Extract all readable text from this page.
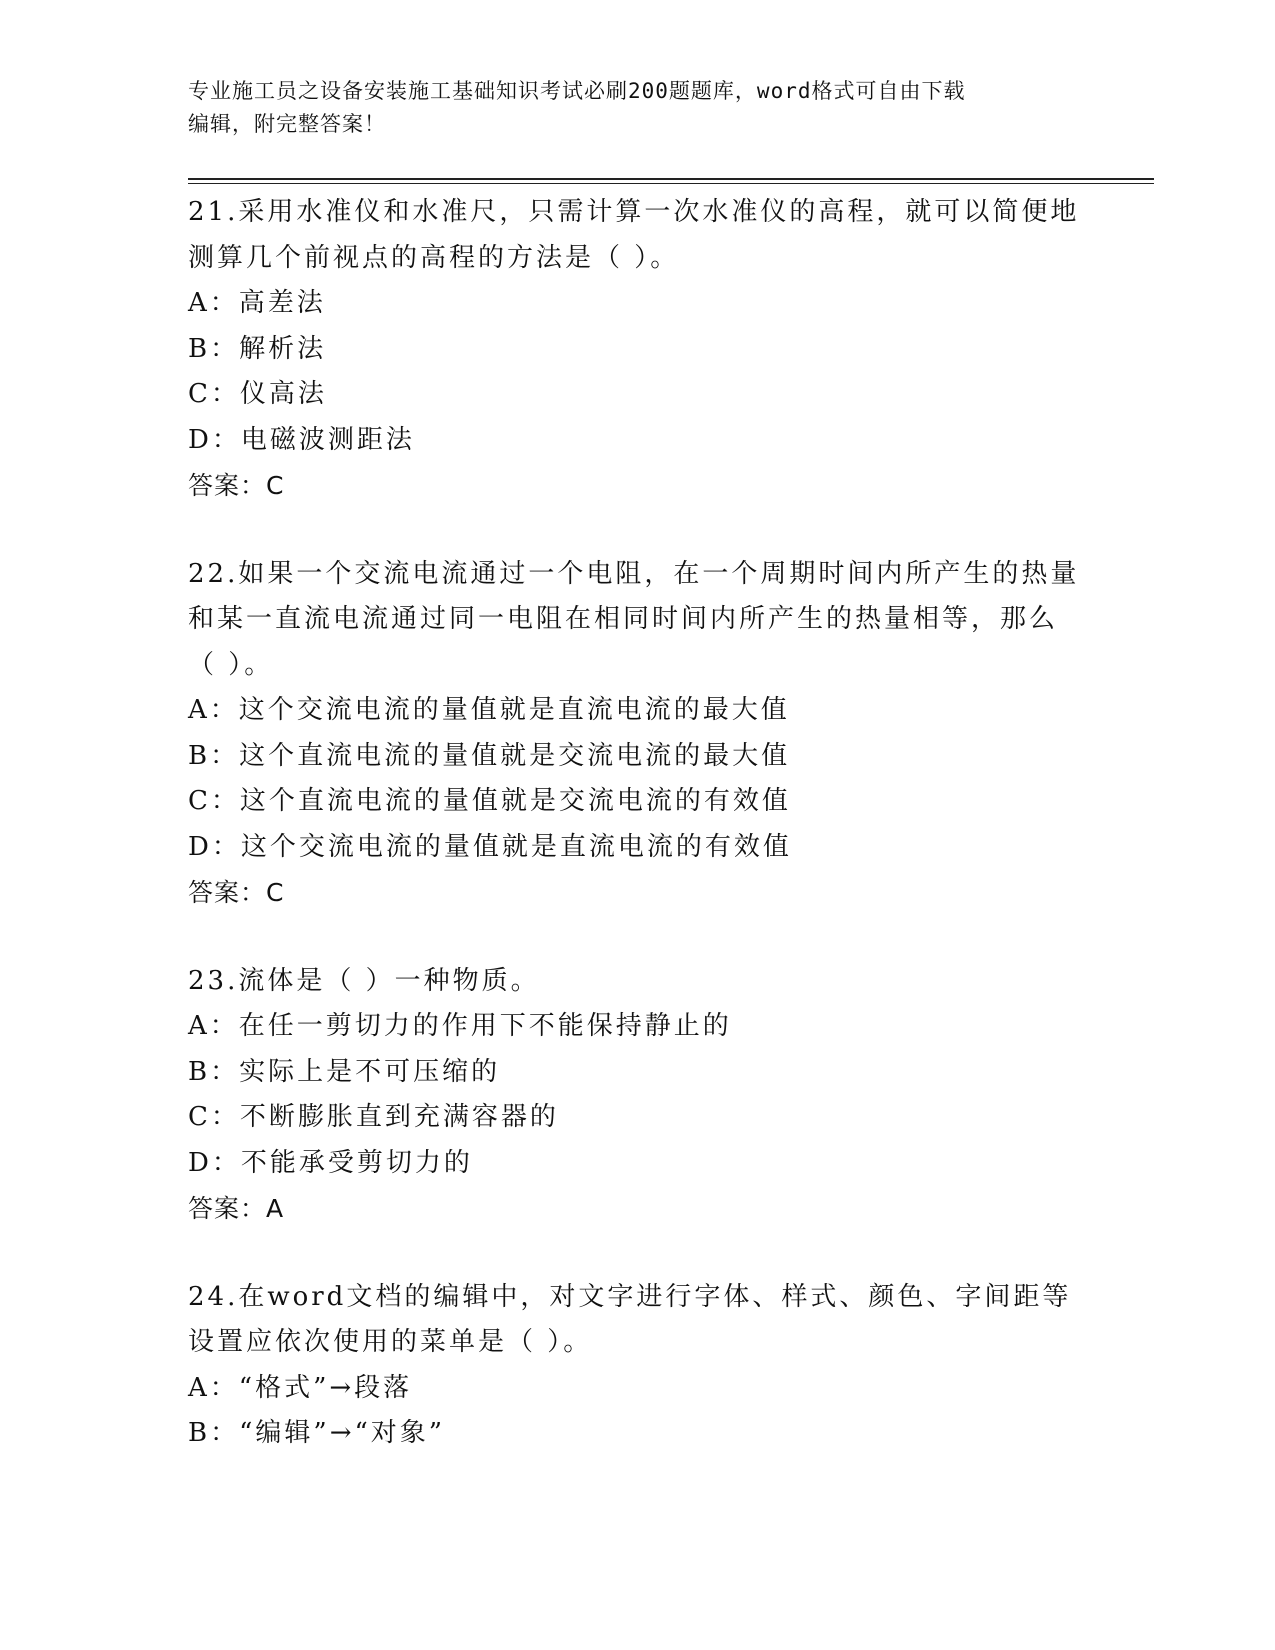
专业施工员之设备安装施工基础知识考试必刷200题题库，word格式可自由下载
编辑，附完整答案！
21.采用水准仪和水准尺，只需计算一次水准仪的高程，就可以简便地
测算几个前视点的高程的方法是（ ）。
A：高差法
B：解析法
C：仪高法
D：电磁波测距法
答案：C
22.如果一个交流电流通过一个电阻，在一个周期时间内所产生的热量
和某一直流电流通过同一电阻在相同时间内所产生的热量相等，那么
（ ）。
A：这个交流电流的量值就是直流电流的最大值
B：这个直流电流的量值就是交流电流的最大值
C：这个直流电流的量值就是交流电流的有效值
D：这个交流电流的量值就是直流电流的有效值
答案：C
23.流体是（ ）一种物质。
A：在任一剪切力的作用下不能保持静止的
B：实际上是不可压缩的
C：不断膨胀直到充满容器的
D：不能承受剪切力的
答案：A
24.在word文档的编辑中，对文字进行字体、样式、颜色、字间距等
设置应依次使用的菜单是（ ）。
A：“格式”→段落
B：“编辑”→“对象”
